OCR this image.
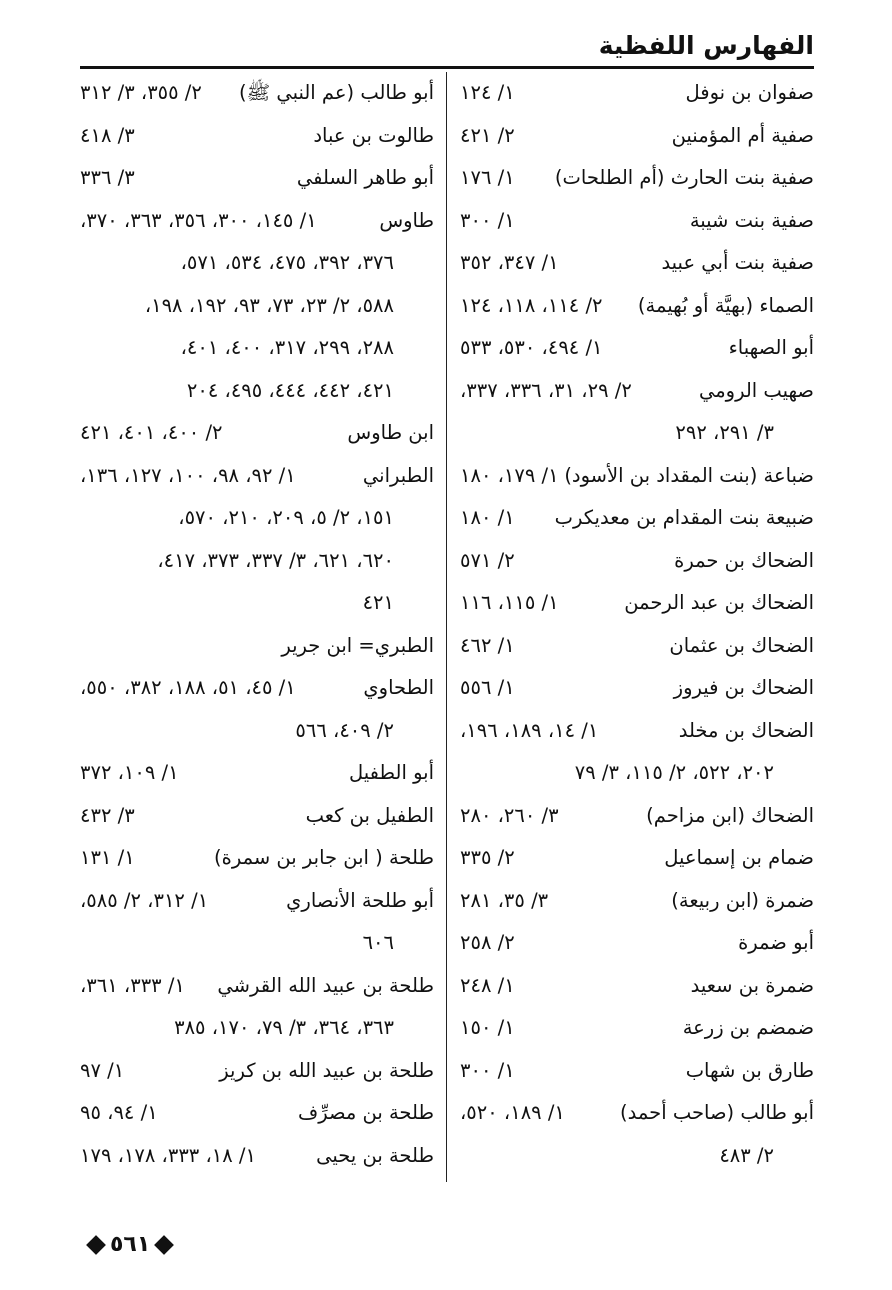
الفهارس اللفظية
صفوان بن نوفل
١/ ١٢٤
صفية أم المؤمنين
٢/ ٤٢١
صفية بنت الحارث (أم الطلحات)
١/ ١٧٦
صفية بنت شيبة
١/ ٣٠٠
صفية بنت أبي عبيد
١/ ٣٤٧، ٣٥٢
الصماء (بهيَّة أو بُهيمة)
٢/ ١١٤، ١١٨، ١٢٤
أبو الصهباء
١/ ٤٩٤، ٥٣٠، ٥٣٣
صهيب الرومي
٢/ ٢٩، ٣١، ٣٣٦، ٣٣٧،
٣/ ٢٩١، ٢٩٢
ضباعة (بنت المقداد بن الأسود)
١/ ١٧٩، ١٨٠
ضبيعة بنت المقدام بن معديكرب
١/ ١٨٠
الضحاك بن حمرة
٢/ ٥٧١
الضحاك بن عبد الرحمن
١/ ١١٥، ١١٦
الضحاك بن عثمان
١/ ٤٦٢
الضحاك بن فيروز
١/ ٥٥٦
الضحاك بن مخلد
١/ ١٤، ١٨٩، ١٩٦،
٢٠٢، ٥٢٢، ٢/ ١١٥، ٣/ ٧٩
الضحاك (ابن مزاحم)
٣/ ٢٦٠، ٢٨٠
ضمام بن إسماعيل
٢/ ٣٣٥
ضمرة (ابن ربيعة)
٣/ ٣٥، ٢٨١
أبو ضمرة
٢/ ٢٥٨
ضمرة بن سعيد
١/ ٢٤٨
ضمضم بن زرعة
١/ ١٥٠
طارق بن شهاب
١/ ٣٠٠
أبو طالب (صاحب أحمد)
١/ ١٨٩، ٥٢٠،
٢/ ٤٨٣
أبو طالب (عم النبي ﷺ)
٢/ ٣٥٥، ٣/ ٣١٢
طالوت بن عباد
٣/ ٤١٨
أبو طاهر السلفي
٣/ ٣٣٦
طاوس
١/ ١٤٥، ٣٠٠، ٣٥٦، ٣٦٣، ٣٧٠،
٣٧٦، ٣٩٢، ٤٧٥، ٥٣٤، ٥٧١،
٥٨٨، ٢/ ٢٣، ٧٣، ٩٣، ١٩٢، ١٩٨،
٢٨٨، ٢٩٩، ٣١٧، ٤٠٠، ٤٠١،
٤٢١، ٤٤٢، ٤٤٤، ٤٩٥، ٢٠٤
ابن طاوس
٢/ ٤٠٠، ٤٠١، ٤٢١
الطبراني
١/ ٩٢، ٩٨، ١٠٠، ١٢٧، ١٣٦،
١٥١، ٢/ ٥، ٢٠٩، ٢١٠، ٥٧٠،
٦٢٠، ٦٢١، ٣/ ٣٣٧، ٣٧٣، ٤١٧،
٤٢١
الطبري= ابن جرير
الطحاوي
١/ ٤٥، ٥١، ١٨٨، ٣٨٢، ٥٥٠،
٢/ ٤٠٩، ٥٦٦
أبو الطفيل
١/ ١٠٩، ٣٧٢
الطفيل بن كعب
٣/ ٤٣٢
طلحة ( ابن جابر بن سمرة)
١/ ١٣١
أبو طلحة الأنصاري
١/ ٣١٢، ٢/ ٥٨٥،
٦٠٦
طلحة بن عبيد الله القرشي
١/ ٣٣٣، ٣٦١،
٣٦٣، ٣٦٤، ٣/ ٧٩، ١٧٠، ٣٨٥
طلحة بن عبيد الله بن كريز
١/ ٩٧
طلحة بن مصرِّف
١/ ٩٤، ٩٥
طلحة بن يحيى
١/ ١٨، ٣٣٣، ١٧٨، ١٧٩
٥٦١
